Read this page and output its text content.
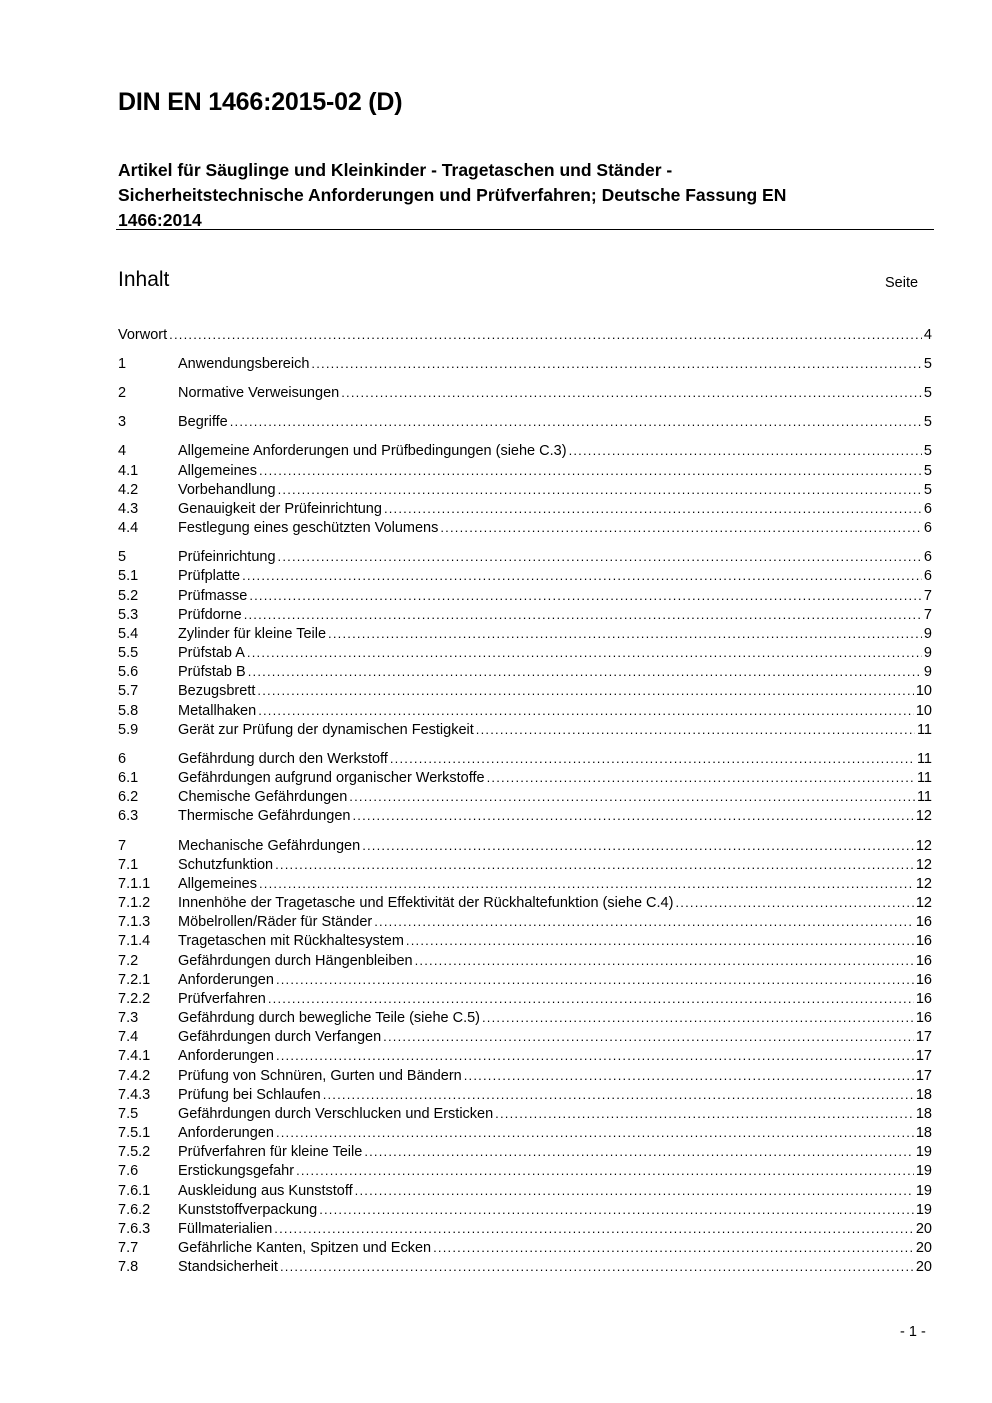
DIN EN 1466:2015-02 (D)
Artikel für Säuglinge und Kleinkinder - Tragetaschen und Ständer -
Sicherheitstechnische Anforderungen und Prüfverfahren; Deutsche Fassung EN
1466:2014
Inhalt	Seite
Vorwort .....	4
1	Anwendungsbereich .....	5
2	Normative Verweisungen .....	5
3	Begriffe .....	5
4	Allgemeine Anforderungen und Prüfbedingungen (siehe C.3) .....	5
4.1	Allgemeines .....	5
4.2	Vorbehandlung .....	5
4.3	Genauigkeit der Prüfeinrichtung .....	6
4.4	Festlegung eines geschützten Volumens .....	6
5	Prüfeinrichtung .....	6
5.1	Prüfplatte .....	6
5.2	Prüfmasse .....	7
5.3	Prüfdorne .....	7
5.4	Zylinder für kleine Teile .....	9
5.5	Prüfstab A .....	9
5.6	Prüfstab B .....	9
5.7	Bezugsbrett .....	10
5.8	Metallhaken .....	10
5.9	Gerät zur Prüfung der dynamischen Festigkeit .....	11
6	Gefährdung durch den Werkstoff .....	11
6.1	Gefährdungen aufgrund organischer Werkstoffe .....	11
6.2	Chemische Gefährdungen .....	11
6.3	Thermische Gefährdungen .....	12
7	Mechanische Gefährdungen .....	12
7.1	Schutzfunktion .....	12
7.1.1	Allgemeines .....	12
7.1.2	Innenhöhe der Tragetasche und Effektivität der Rückhaltefunktion (siehe C.4) .....	12
7.1.3	Möbelrollen/Räder für Ständer .....	16
7.1.4	Tragetaschen mit Rückhaltesystem .....	16
7.2	Gefährdungen durch Hängenbleiben .....	16
7.2.1	Anforderungen .....	16
7.2.2	Prüfverfahren .....	16
7.3	Gefährdung durch bewegliche Teile (siehe C.5) .....	16
7.4	Gefährdungen durch Verfangen .....	17
7.4.1	Anforderungen .....	17
7.4.2	Prüfung von Schnüren, Gurten und Bändern .....	17
7.4.3	Prüfung bei Schlaufen .....	18
7.5	Gefährdungen durch Verschlucken und Ersticken .....	18
7.5.1	Anforderungen .....	18
7.5.2	Prüfverfahren für kleine Teile .....	19
7.6	Erstickungsgefahr .....	19
7.6.1	Auskleidung aus Kunststoff .....	19
7.6.2	Kunststoffverpackung .....	19
7.6.3	Füllmaterialien .....	20
7.7	Gefährliche Kanten, Spitzen und Ecken .....	20
7.8	Standsicherheit .....	20
- 1 -
